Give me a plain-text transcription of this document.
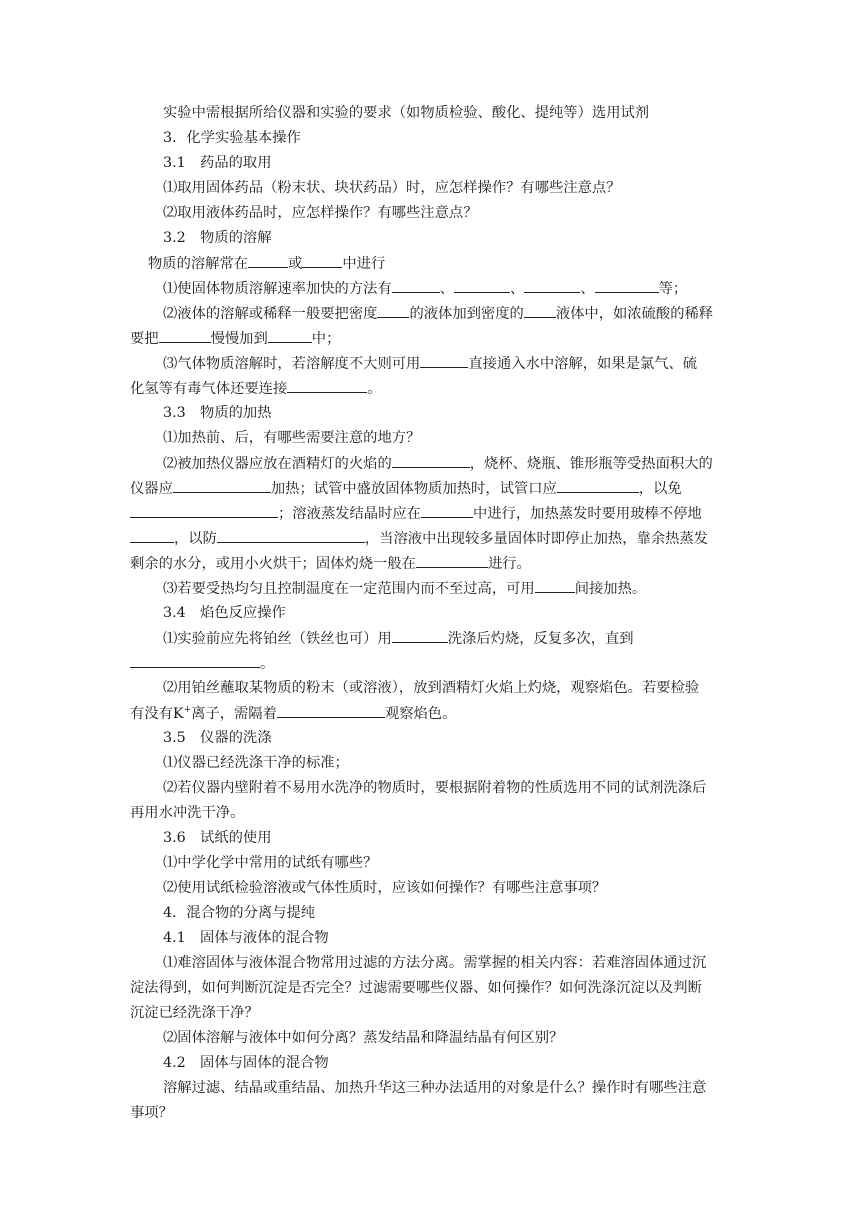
实验中需根据所给仪器和实验的要求（如物质检验、酸化、提纯等）选用试剂
3．化学实验基本操作
3.1　药品的取用
⑴取用固体药品（粉末状、块状药品）时，应怎样操作？有哪些注意点？
⑵取用液体药品时，应怎样操作？有哪些注意点？
3.2　物质的溶解
物质的溶解常在	或	中进行
⑴使固体物质溶解速率加快的方法有	、	、	、	等；
⑵液体的溶解或稀释一般要把密度 的液体加到密度的 液体中，如浓硫酸的稀释
要把	慢慢加到	中；
⑶气体物质溶解时，若溶解度不大则可用	直接通入水中溶解，如果是氯气、硫
化氢等有毒气体还要连接	。
3.3　物质的加热
⑴加热前、后，有哪些需要注意的地方？
⑵被加热仪器应放在酒精灯的火焰的	，烧杯、烧瓶、锥形瓶等受热面积大的
仪器应	加热；试管中盛放固体物质加热时，试管口应	，以免
；溶液蒸发结晶时应在	中进行，加热蒸发时要用玻棒不停地
，以防	，当溶液中出现较多量固体时即停止加热，靠余热蒸发
剩余的水分，或用小火烘干；固体灼烧一般在	进行。
⑶若要受热均匀且控制温度在一定范围内而不至过高，可用	间接加热。
3.4　焰色反应操作
⑴实验前应先将铂丝（铁丝也可）用	洗涤后灼烧，反复多次，直到
。
⑵用铂丝蘸取某物质的粉末（或溶液），放到酒精灯火焰上灼烧，观察焰色。若要检验
有没有K+离子，需隔着	观察焰色。
3.5　仪器的洗涤
⑴仪器已经洗涤干净的标准；
⑵若仪器内壁附着不易用水洗净的物质时，要根据附着物的性质选用不同的试剂洗涤后
再用水冲洗干净。
3.6　试纸的使用
⑴中学化学中常用的试纸有哪些？
⑵使用试纸检验溶液或气体性质时，应该如何操作？有哪些注意事项？
4．混合物的分离与提纯
4.1　固体与液体的混合物
⑴难溶固体与液体混合物常用过滤的方法分离。需掌握的相关内容：若难溶固体通过沉
淀法得到，如何判断沉淀是否完全？过滤需要哪些仪器、如何操作？如何洗涤沉淀以及判断
沉淀已经洗涤干净？
⑵固体溶解与液体中如何分离？蒸发结晶和降温结晶有何区别？
4.2　固体与固体的混合物
溶解过滤、结晶或重结晶、加热升华这三种办法适用的对象是什么？操作时有哪些注意
事项？
